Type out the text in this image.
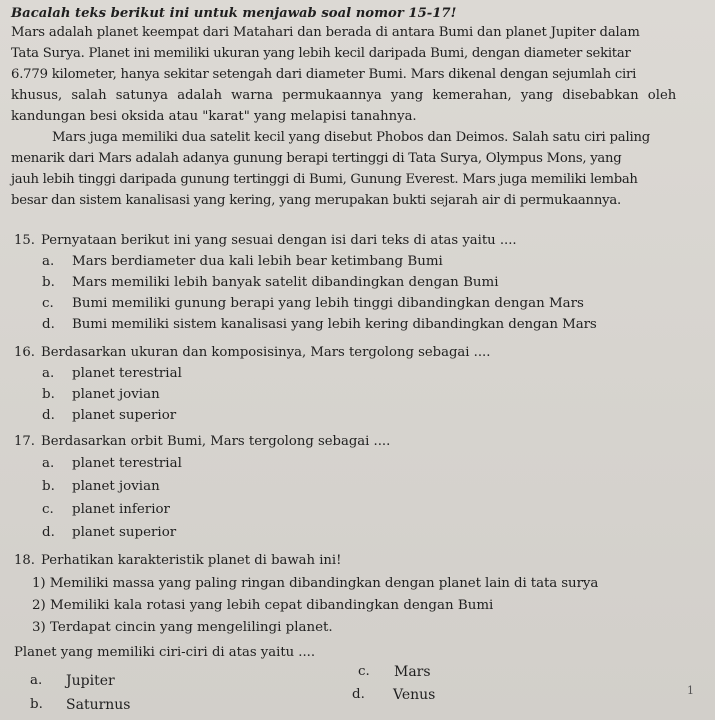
Bacalah teks berikut ini untuk menjawab soal nomor 15-17!
Mars adalah planet keempat dari Matahari dan berada di antara Bumi dan planet Jupiter dalam
Tata Surya. Planet ini memiliki ukuran yang lebih kecil daripada Bumi, dengan diameter sekitar
6.779 kilometer, hanya sekitar setengah dari diameter Bumi. Mars dikenal dengan sejumlah ciri
khusus, salah satunya adalah warna permukaannya yang kemerahan, yang disebabkan oleh
kandungan besi oksida atau "karat" yang melapisi tanahnya.
Mars juga memiliki dua satelit kecil yang disebut Phobos dan Deimos. Salah satu ciri paling
menarik dari Mars adalah adanya gunung berapi tertinggi di Tata Surya, Olympus Mons, yang
jauh lebih tinggi daripada gunung tertinggi di Bumi, Gunung Everest. Mars juga memiliki lembah
besar dan sistem kanalisasi yang kering, yang merupakan bukti sejarah air di permukaannya.
15. Pernyataan berikut ini yang sesuai dengan isi dari teks di atas yaitu ....
a. Mars berdiameter dua kali lebih bear ketimbang Bumi
b. Mars memiliki lebih banyak satelit dibandingkan dengan Bumi
c. Bumi memiliki gunung berapi yang lebih tinggi dibandingkan dengan Mars
d. Bumi memiliki sistem kanalisasi yang lebih kering dibandingkan dengan Mars
16. Berdasarkan ukuran dan komposisinya, Mars tergolong sebagai ....
a. planet terestrial
b. planet jovian
d. planet superior
17. Berdasarkan orbit Bumi, Mars tergolong sebagai ....
a. planet terestrial
b. planet jovian
c. planet inferior
d. planet superior
18. Perhatikan karakteristik planet di bawah ini!
1) Memiliki massa yang paling ringan dibandingkan dengan planet lain di tata surya
2) Memiliki kala rotasi yang lebih cepat dibandingkan dengan Bumi
3) Terdapat cincin yang mengelilingi planet.
Planet yang memiliki ciri-ciri di atas yaitu ....
a. Jupiter
b. Saturnus
c. Mars
d. Venus	1
